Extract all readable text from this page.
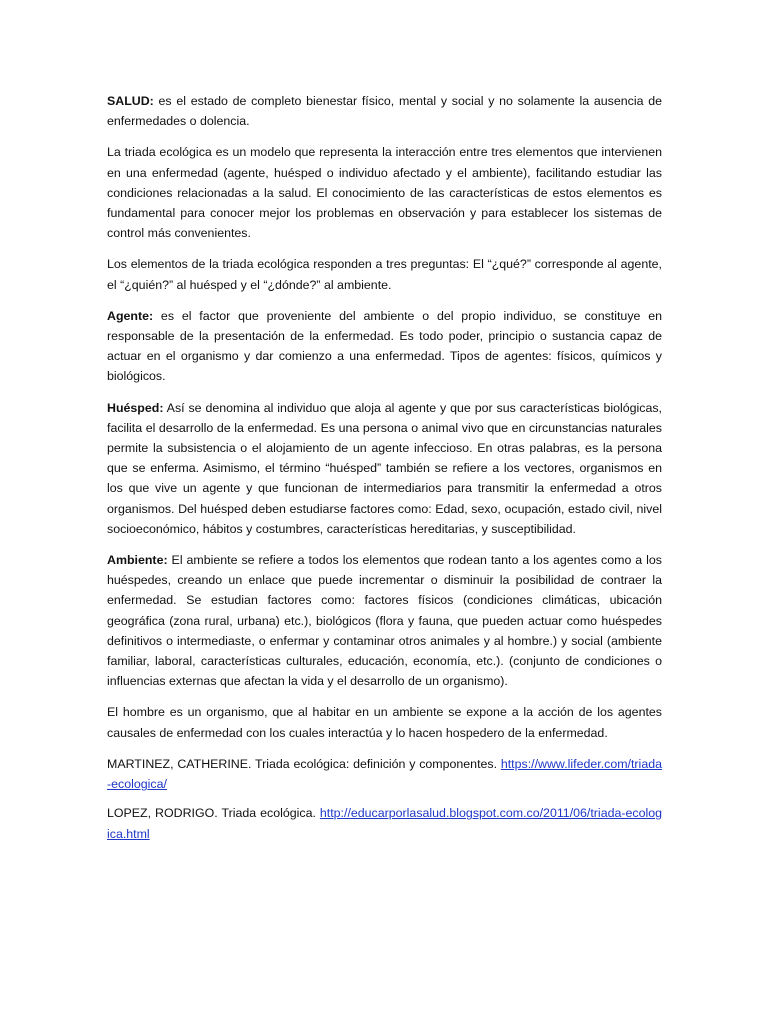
SALUD: es el estado de completo bienestar físico, mental y social y no solamente la ausencia de enfermedades o dolencia.

La triada ecológica es un modelo que representa la interacción entre tres elementos que intervienen en una enfermedad (agente, huésped o individuo afectado y el ambiente), facilitando estudiar las condiciones relacionadas a la salud. El conocimiento de las características de estos elementos es fundamental para conocer mejor los problemas en observación y para establecer los sistemas de control más convenientes.

Los elementos de la triada ecológica responden a tres preguntas: El “¿qué?” corresponde al agente, el “¿quién?” al huésped y el “¿dónde?” al ambiente.

Agente: es el factor que proveniente del ambiente o del propio individuo, se constituye en responsable de la presentación de la enfermedad. Es todo poder, principio o sustancia capaz de actuar en el organismo y dar comienzo a una enfermedad. Tipos de agentes: físicos, químicos y biológicos.

Huésped: Así se denomina al individuo que aloja al agente y que por sus características biológicas, facilita el desarrollo de la enfermedad. Es una persona o animal vivo que en circunstancias naturales permite la subsistencia o el alojamiento de un agente infeccioso. En otras palabras, es la persona que se enferma. Asimismo, el término “huésped” también se refiere a los vectores, organismos en los que vive un agente y que funcionan de intermediarios para transmitir la enfermedad a otros organismos. Del huésped deben estudiarse factores como: Edad, sexo, ocupación, estado civil, nivel socioeconómico, hábitos y costumbres, características hereditarias, y susceptibilidad.

Ambiente: El ambiente se refiere a todos los elementos que rodean tanto a los agentes como a los huéspedes, creando un enlace que puede incrementar o disminuir la posibilidad de contraer la enfermedad. Se estudian factores como: factores físicos (condiciones climáticas, ubicación geográfica (zona rural, urbana) etc.), biológicos (flora y fauna, que pueden actuar como huéspedes definitivos o intermediaste, o enfermar y contaminar otros animales y al hombre.) y social (ambiente familiar, laboral, características culturales, educación, economía, etc.). (conjunto de condiciones o influencias externas que afectan la vida y el desarrollo de un organismo).

El hombre es un organismo, que al habitar en un ambiente se expone a la acción de los agentes causales de enfermedad con los cuales interactúa y lo hacen hospedero de la enfermedad.

MARTINEZ, CATHERINE. Triada ecológica: definición y componentes. https://www.lifeder.com/triada-ecologica/

LOPEZ, RODRIGO. Triada ecológica. http://educarporlasalud.blogspot.com.co/2011/06/triada-ecologica.html
